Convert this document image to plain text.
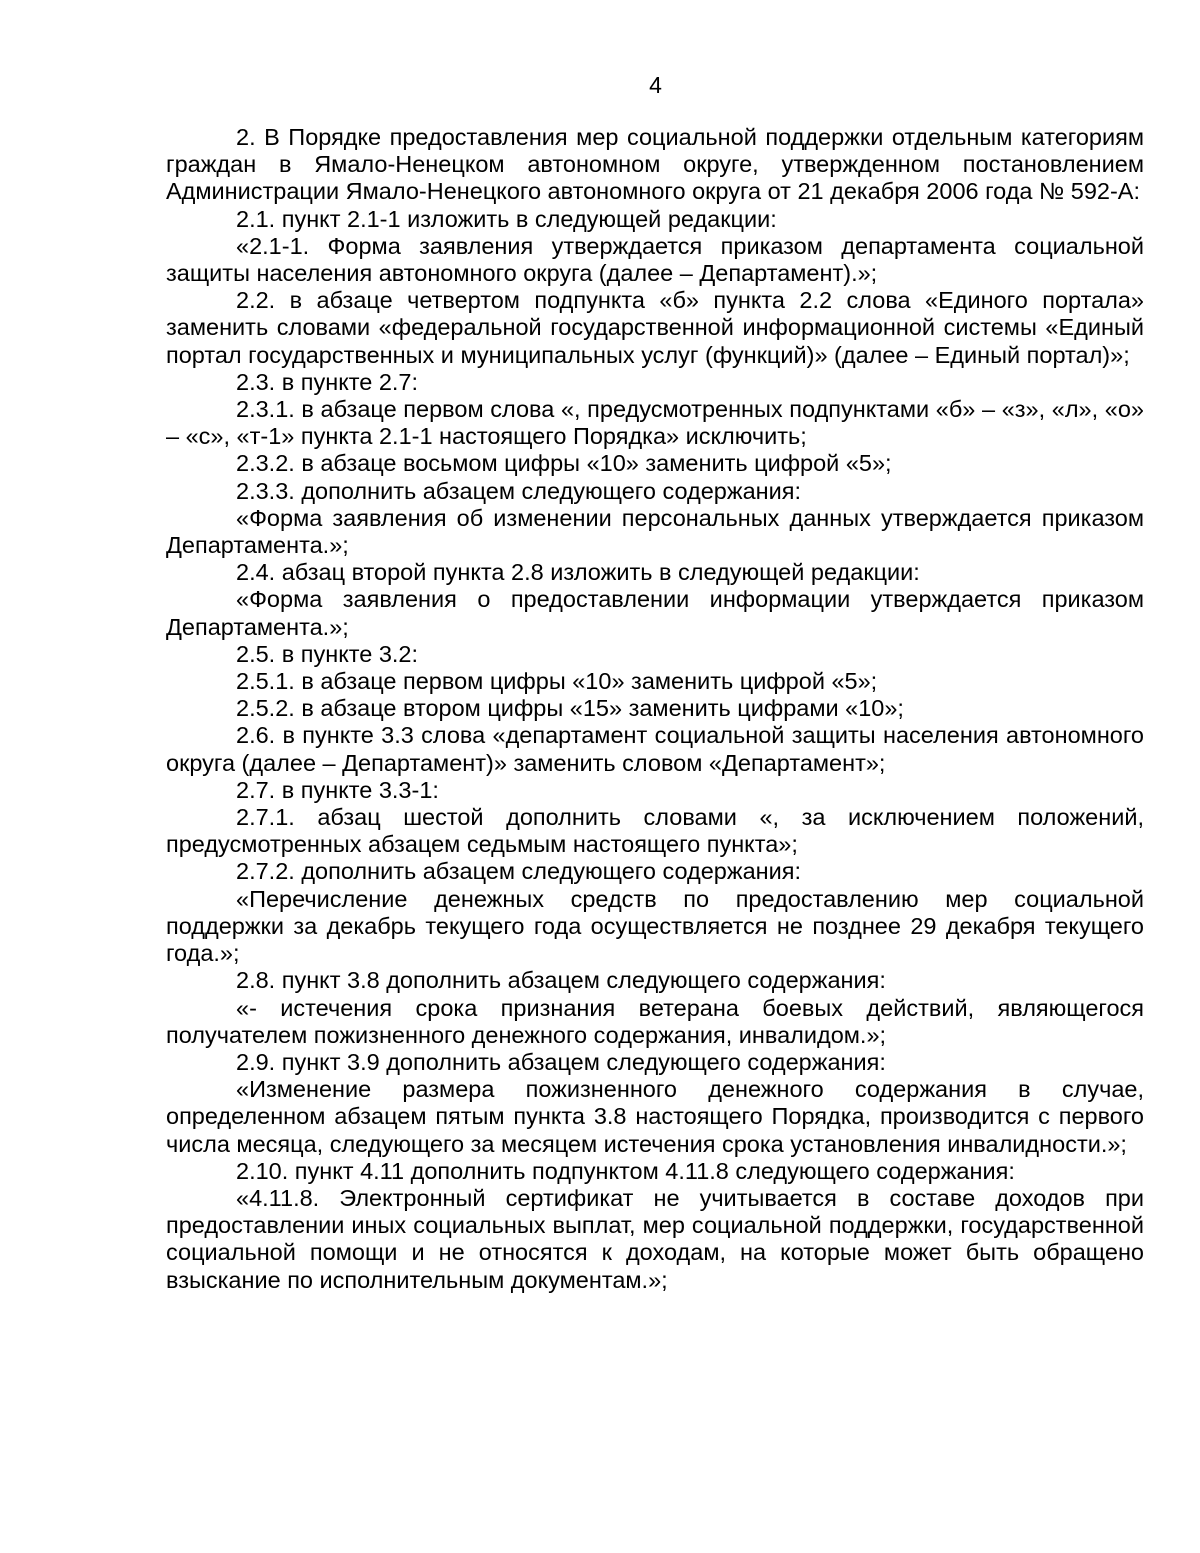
4

2. В Порядке предоставления мер социальной поддержки отдельным категориям граждан в Ямало-Ненецком автономном округе, утвержденном постановлением Администрации Ямало-Ненецкого автономного округа от 21 декабря 2006 года № 592-А:

2.1. пункт 2.1-1 изложить в следующей редакции:

«2.1-1. Форма заявления утверждается приказом департамента социальной защиты населения автономного округа (далее – Департамент).»;

2.2. в абзаце четвертом подпункта «б» пункта 2.2 слова «Единого портала» заменить словами «федеральной государственной информационной системы «Единый портал государственных и муниципальных услуг (функций)» (далее – Единый портал)»;

2.3. в пункте 2.7:

2.3.1. в абзаце первом слова «, предусмотренных подпунктами «б» – «з», «л», «о» – «с», «т-1» пункта 2.1-1 настоящего Порядка» исключить;

2.3.2. в абзаце восьмом цифры «10» заменить цифрой «5»;

2.3.3. дополнить абзацем следующего содержания:

«Форма заявления об изменении персональных данных утверждается приказом Департамента.»;

2.4. абзац второй пункта 2.8 изложить в следующей редакции:

«Форма заявления о предоставлении информации утверждается приказом Департамента.»;

2.5. в пункте 3.2:

2.5.1. в абзаце первом цифры «10» заменить цифрой «5»;

2.5.2. в абзаце втором цифры «15» заменить цифрами «10»;

2.6. в пункте 3.3 слова «департамент социальной защиты населения автономного округа (далее – Департамент)» заменить словом «Департамент»;

2.7. в пункте 3.3-1:

2.7.1. абзац шестой дополнить словами «, за исключением положений, предусмотренных абзацем седьмым настоящего пункта»;

2.7.2. дополнить абзацем следующего содержания:

«Перечисление денежных средств по предоставлению мер социальной поддержки за декабрь текущего года осуществляется не позднее 29 декабря текущего года.»;

2.8. пункт 3.8 дополнить абзацем следующего содержания:

«- истечения срока признания ветерана боевых действий, являющегося получателем пожизненного денежного содержания, инвалидом.»;

2.9. пункт 3.9 дополнить абзацем следующего содержания:

«Изменение размера пожизненного денежного содержания в случае, определенном абзацем пятым пункта 3.8 настоящего Порядка, производится с первого числа месяца, следующего за месяцем истечения срока установления инвалидности.»;

2.10. пункт 4.11 дополнить подпунктом 4.11.8 следующего содержания:

«4.11.8. Электронный сертификат не учитывается в составе доходов при предоставлении иных социальных выплат, мер социальной поддержки, государственной социальной помощи и не относятся к доходам, на которые может быть обращено взыскание по исполнительным документам.»;
